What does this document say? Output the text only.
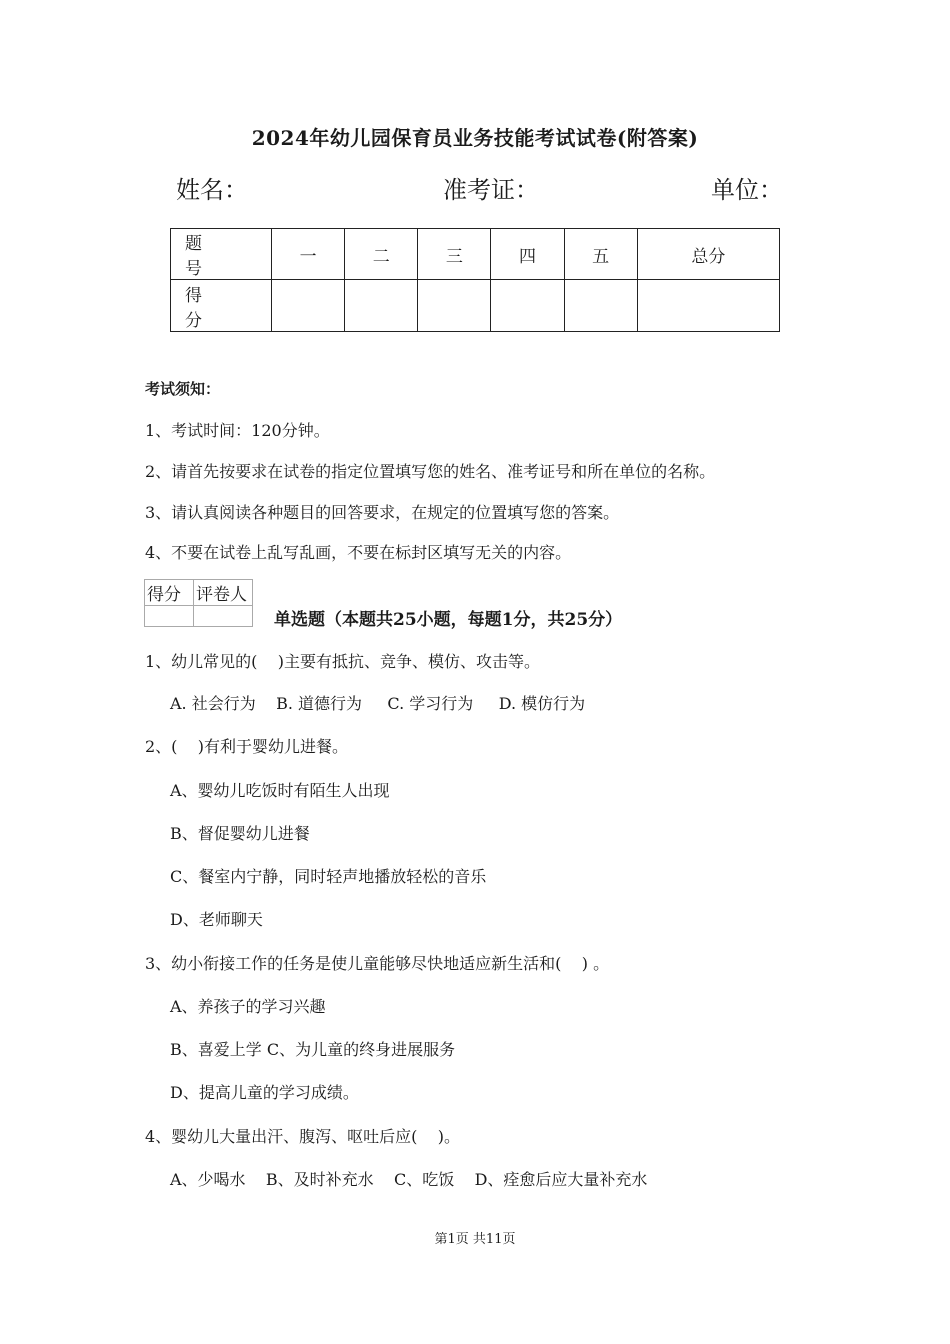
2024年幼儿园保育员业务技能考试试卷(附答案)
姓名：	准考证：	单位：
题 号	一	二	三	四	五	总分
得 分						
考试须知：
1、考试时间：120分钟。
2、请首先按要求在试卷的指定位置填写您的姓名、准考证号和所在单位的名称。
3、请认真阅读各种题目的回答要求，在规定的位置填写您的答案。
4、不要在试卷上乱写乱画，不要在标封区填写无关的内容。
得分	评卷人

单选题（本题共25小题，每题1分，共25分）
1、幼儿常见的(    )主要有抵抗、竞争、模仿、攻击等。
A. 社会行为    B. 道德行为     C. 学习行为     D. 模仿行为
2、(    )有利于婴幼儿进餐。
A、婴幼儿吃饭时有陌生人出现
B、督促婴幼儿进餐
C、餐室内宁静，同时轻声地播放轻松的音乐
D、老师聊天
3、幼小衔接工作的任务是使儿童能够尽快地适应新生活和(    ) 。
A、养孩子的学习兴趣
B、喜爱上学 C、为儿童的终身进展服务
D、提高儿童的学习成绩。
4、婴幼儿大量出汗、腹泻、呕吐后应(    )。
A、少喝水    B、及时补充水    C、吃饭    D、痊愈后应大量补充水
第1页 共11页
